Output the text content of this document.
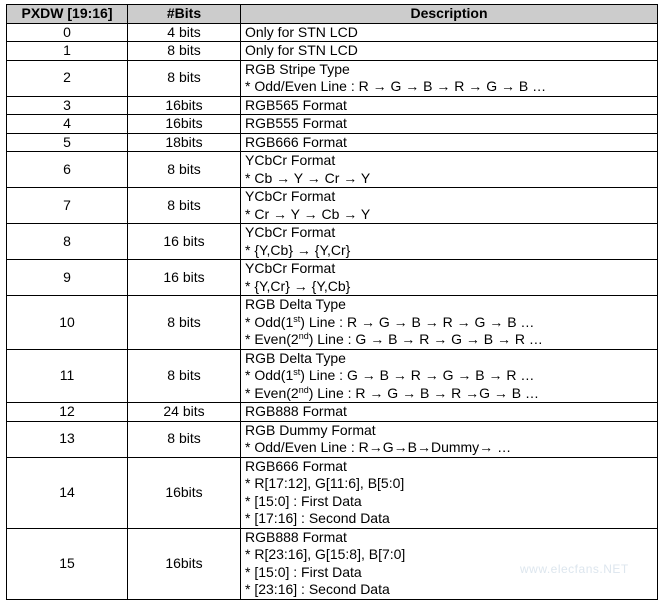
PXDW [19:16]	#Bits	Description
0	4 bits	Only for STN LCD

1	8 bits	Only for STN LCD

2	8 bits	RGB Stripe Type
* Odd/Even Line : R → G → B → R → G → B …

3	16bits	RGB565 Format

4	16bits	RGB555 Format

5	18bits	RGB666 Format

6	8 bits	YCbCr Format
* Cb → Y → Cr → Y

7	8 bits	YCbCr Format
* Cr → Y → Cb → Y

8	16 bits	YCbCr Format
* {Y,Cb} → {Y,Cr}

9	16 bits	YCbCr Format
* {Y,Cr} → {Y,Cb}

10	8 bits	RGB Delta Type
* Odd(1st) Line : R → G → B → R → G → B …
* Even(2nd) Line : G → B → R → G → B → R …

11	8 bits	RGB Delta Type
* Odd(1st) Line : G → B → R → G → B → R …
* Even(2nd) Line : R → G → B → R →G → B …

12	24 bits	RGB888 Format

13	8 bits	RGB Dummy Format
* Odd/Even Line : R→G→B→Dummy→ …

14	16bits	RGB666 Format
* R[17:12], G[11:6], B[5:0]
* [15:0] : First Data
* [17:16] : Second Data

15	16bits	RGB888 Format
* R[23:16], G[15:8], B[7:0]
* [15:0] : First Data
* [23:16] : Second Data
www.elecfans.NET
